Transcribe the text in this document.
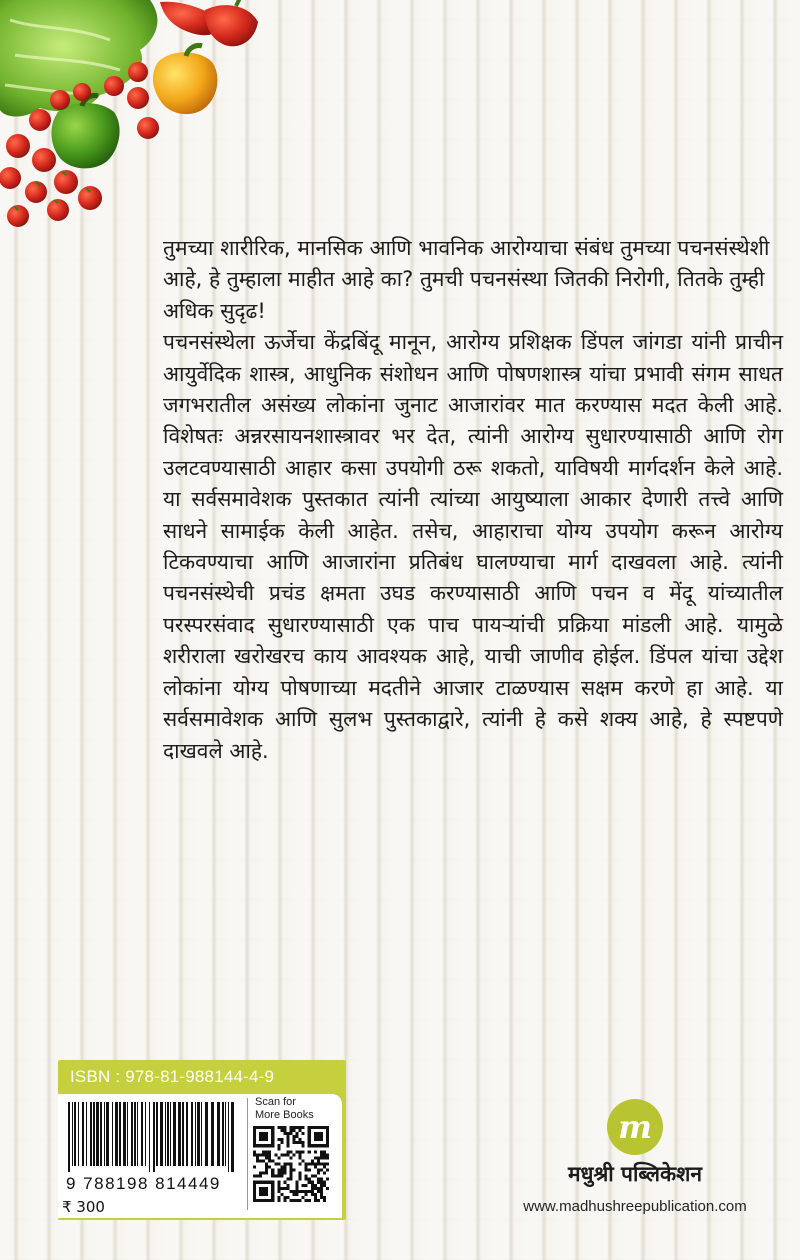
तुमच्या शारीरिक, मानसिक आणि भावनिक आरोग्याचा संबंध तुमच्या पचनसंस्थेशी आहे, हे तुम्हाला माहीत आहे का? तुमची पचनसंस्था जितकी निरोगी, तितके तुम्ही अधिक सुदृढ!

पचनसंस्थेला ऊर्जेचा केंद्रबिंदू मानून, आरोग्य प्रशिक्षक डिंपल जांगडा यांनी प्राचीन आयुर्वेदिक शास्त्र, आधुनिक संशोधन आणि पोषणशास्त्र यांचा प्रभावी संगम साधत जगभरातील असंख्य लोकांना जुनाट आजारांवर मात करण्यास मदत केली आहे. विशेषतः अन्नरसायनशास्त्रावर भर देत, त्यांनी आरोग्य सुधारण्यासाठी आणि रोग उलटवण्यासाठी आहार कसा उपयोगी ठरू शकतो, याविषयी मार्गदर्शन केले आहे. या सर्वसमावेशक पुस्तकात त्यांनी त्यांच्या आयुष्याला आकार देणारी तत्त्वे आणि साधने सामाईक केली आहेत. तसेच, आहाराचा योग्य उपयोग करून आरोग्य टिकवण्याचा आणि आजारांना प्रतिबंध घालण्याचा मार्ग दाखवला आहे. त्यांनी पचनसंस्थेची प्रचंड क्षमता उघड करण्यासाठी आणि पचन व मेंदू यांच्यातील परस्परसंवाद सुधारण्यासाठी एक पाच पायऱ्यांची प्रक्रिया मांडली आहे. यामुळे शरीराला खरोखरच काय आवश्यक आहे, याची जाणीव होईल. डिंपल यांचा उद्देश लोकांना योग्य पोषणाच्या मदतीने आजार टाळण्यास सक्षम करणे हा आहे. या सर्वसमावेशक आणि सुलभ पुस्तकाद्वारे, त्यांनी हे कसे शक्य आहे, हे स्पष्टपणे दाखवले आहे.

ISBN : 978-81-988144-4-9
9 788198 814449
₹ 300
Scan for
More Books	m
मधुश्री पब्लिकेशन
www.madhushreepublication.com
